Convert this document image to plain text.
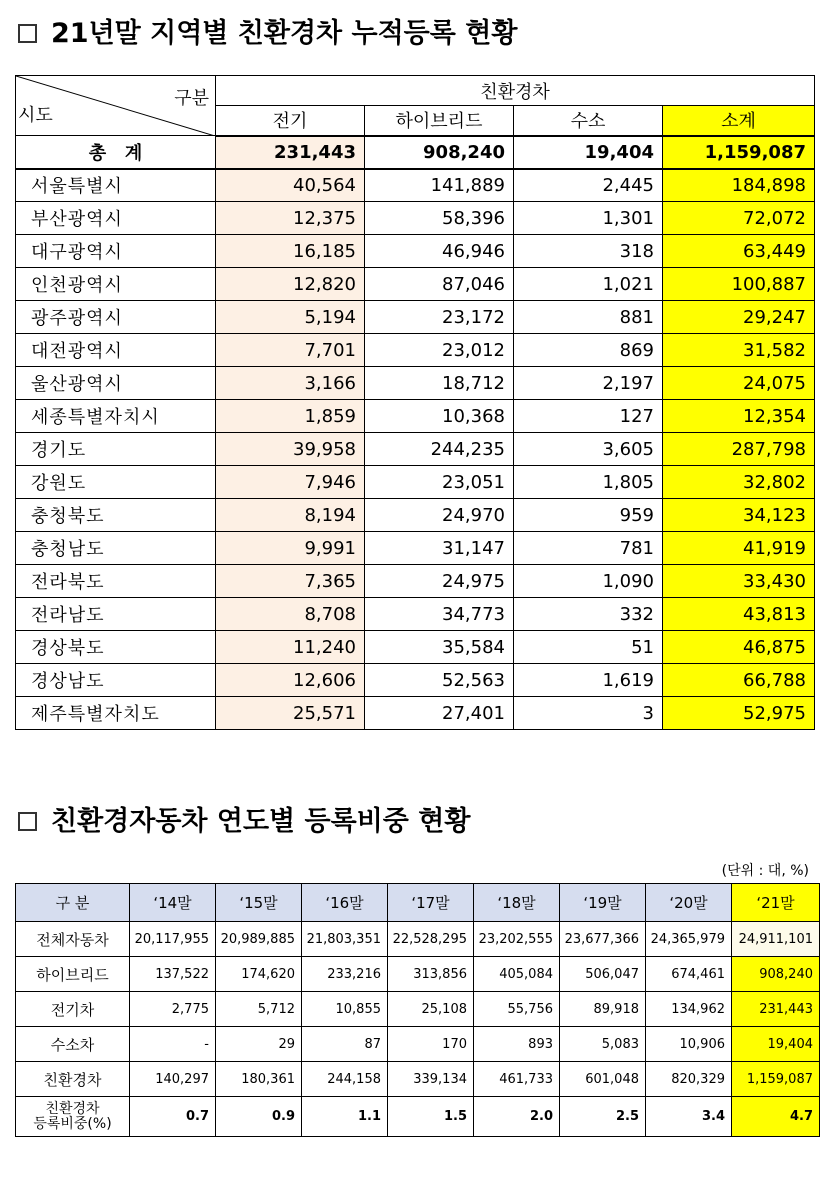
21년말 지역별 친환경차 누적등록 현황
구분
시도	친환경차			
	전기	하이브리드	수소	소계
총   계	231,443	908,240	19,404	1,159,087
서울특별시	40,564	141,889	2,445	184,898
부산광역시	12,375	58,396	1,301	72,072
대구광역시	16,185	46,946	318	63,449
인천광역시	12,820	87,046	1,021	100,887
광주광역시	5,194	23,172	881	29,247
대전광역시	7,701	23,012	869	31,582
울산광역시	3,166	18,712	2,197	24,075
세종특별자치시	1,859	10,368	127	12,354
경기도	39,958	244,235	3,605	287,798
강원도	7,946	23,051	1,805	32,802
충청북도	8,194	24,970	959	34,123
충청남도	9,991	31,147	781	41,919
전라북도	7,365	24,975	1,090	33,430
전라남도	8,708	34,773	332	43,813
경상북도	11,240	35,584	51	46,875
경상남도	12,606	52,563	1,619	66,788
제주특별자치도	25,571	27,401	3	52,975
친환경자동차 연도별 등록비중 현황
(단위 : 대, %)
구 분	‘14말	‘15말	‘16말	‘17말	‘18말	‘19말	‘20말	‘21말
전체자동차	20,117,955	20,989,885	21,803,351	22,528,295	23,202,555	23,677,366	24,365,979	24,911,101
하이브리드	137,522	174,620	233,216	313,856	405,084	506,047	674,461	908,240
전기차	2,775	5,712	10,855	25,108	55,756	89,918	134,962	231,443
수소차	-	29	87	170	893	5,083	10,906	19,404
친환경차	140,297	180,361	244,158	339,134	461,733	601,048	820,329	1,159,087

친환경차
등록비중(%)	0.7	0.9	1.1	1.5	2.0	2.5	3.4	4.7
